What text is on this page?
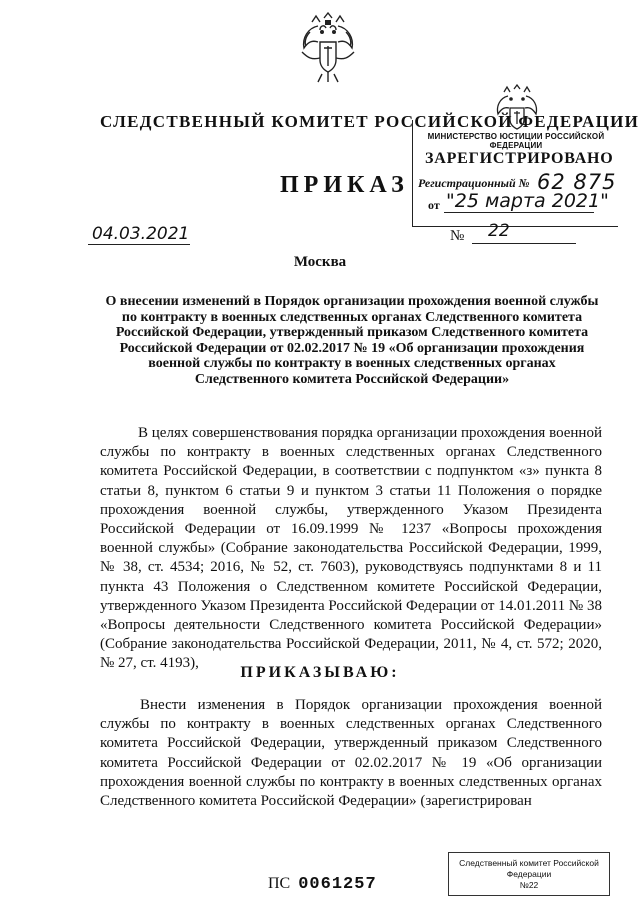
СЛЕДСТВЕННЫЙ КОМИТЕТ РОССИЙСКОЙ ФЕДЕРАЦИИ
МИНИСТЕРСТВО ЮСТИЦИИ РОССИЙСКОЙ ФЕДЕРАЦИИ
ЗАРЕГИСТРИРОВАНО
Регистрационный № 62 875
от "25 марта 2021"
ПРИКАЗ
04.03.2021	№ 22
Москва
О внесении изменений в Порядок организации прохождения военной службы по контракту в военных следственных органах Следственного комитета Российской Федерации, утвержденный приказом Следственного комитета Российской Федерации от 02.02.2017 № 19 «Об организации прохождения военной службы по контракту в военных следственных органах Следственного комитета Российской Федерации»
В целях совершенствования порядка организации прохождения военной службы по контракту в военных следственных органах Следственного комитета Российской Федерации, в соответствии с подпунктом «з» пункта 8 статьи 8, пунктом 6 статьи 9 и пунктом 3 статьи 11 Положения о порядке прохождения военной службы, утвержденного Указом Президента Российской Федерации от 16.09.1999 № 1237 «Вопросы прохождения военной службы» (Собрание законодательства Российской Федерации, 1999, № 38, ст. 4534; 2016, № 52, ст. 7603), руководствуясь подпунктами 8 и 11 пункта 43 Положения о Следственном комитете Российской Федерации, утвержденного Указом Президента Российской Федерации от 14.01.2011 № 38 «Вопросы деятельности Следственного комитета Российской Федерации» (Собрание законодательства Российской Федерации, 2011, № 4, ст. 572; 2020, № 27, ст. 4193),
ПРИКАЗЫВАЮ:
Внести изменения в Порядок организации прохождения военной службы по контракту в военных следственных органах Следственного комитета Российской Федерации, утвержденный приказом Следственного комитета Российской Федерации от 02.02.2017 № 19 «Об организации прохождения военной службы по контракту в военных следственных органах Следственного комитета Российской Федерации» (зарегистрирован
ПС 0061257
Следственный комитет Российской
Федерации
№22
